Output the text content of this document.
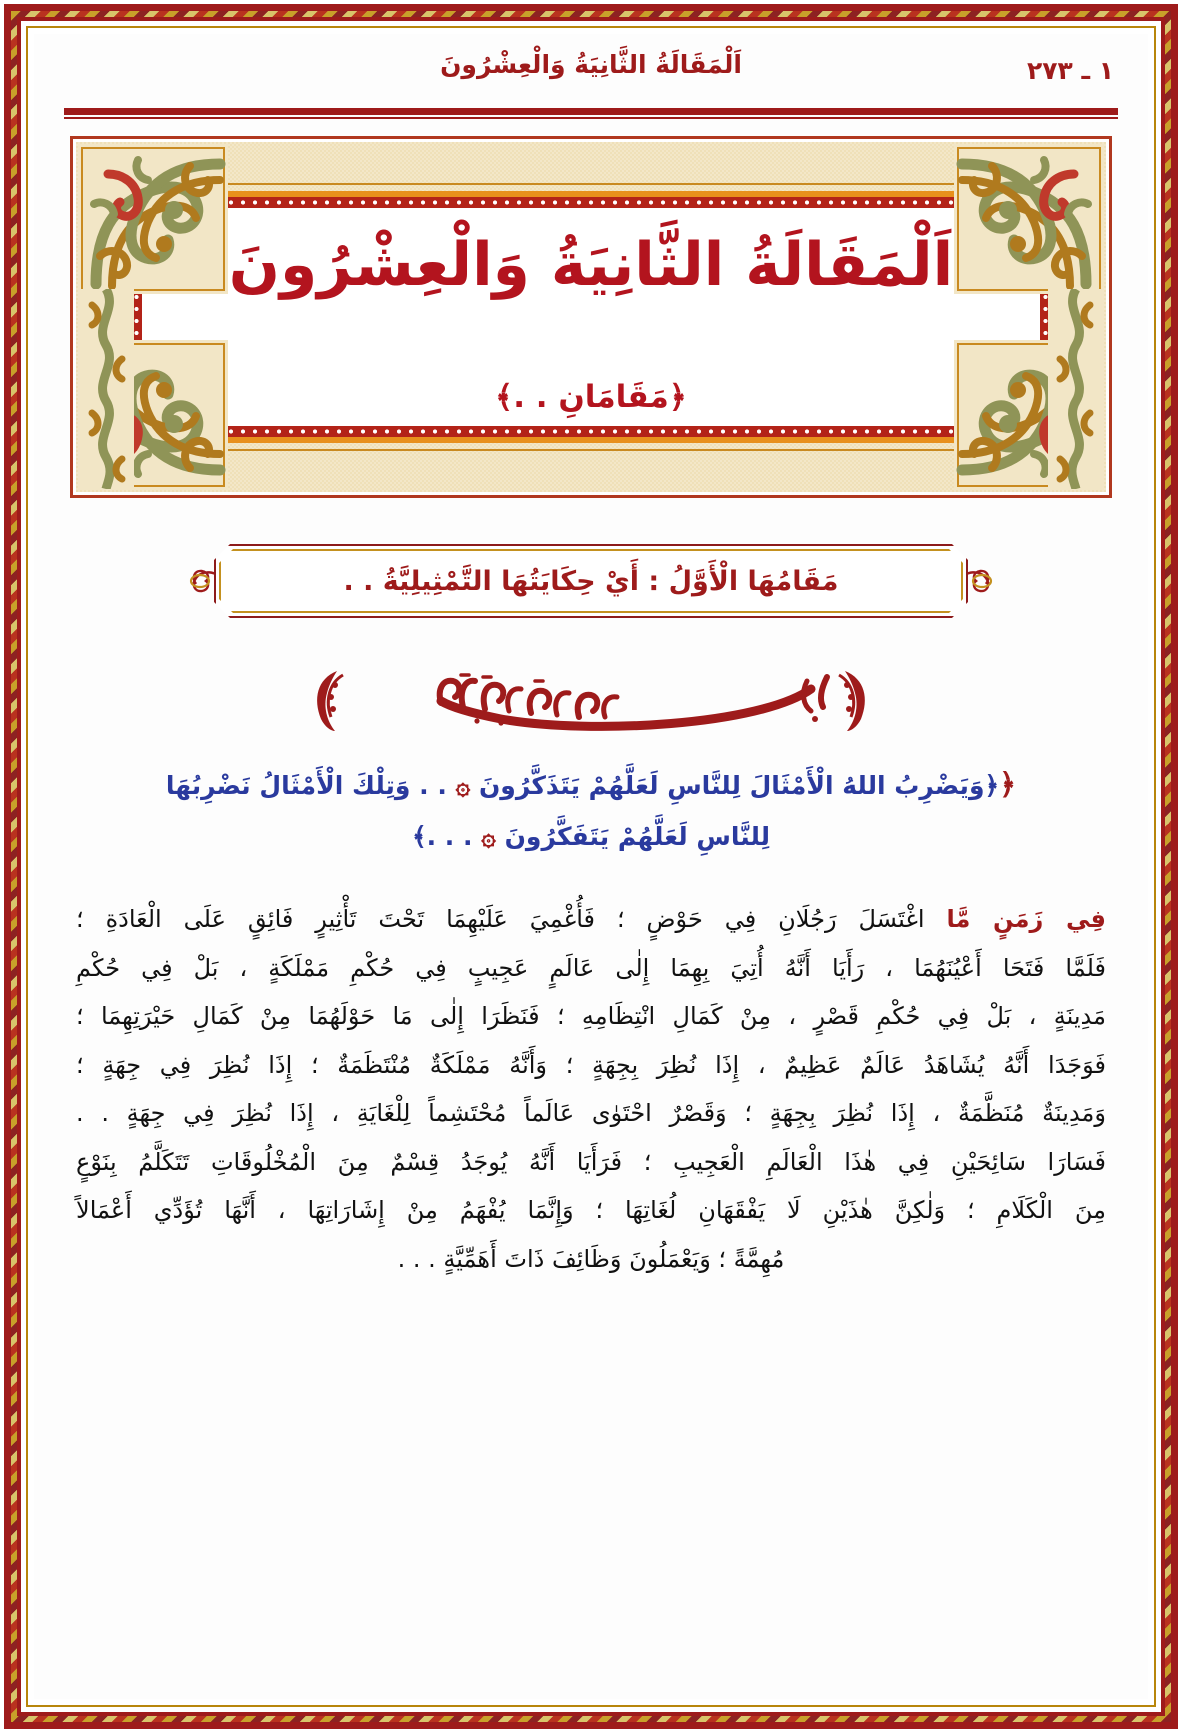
١ ـ ٢٧٣
اَلْمَقَالَةُ الثَّانِيَةُ وَالْعِشْرُونَ
اَلْمَقَالَةُ الثَّانِيَةُ وَالْعِشْرُونَ
﴿مَقَامَانِ . .﴾
مَقَامُهَا الْأَوَّلُ : أَيْ حِكَايَتُهَا التَّمْثِيلِيَّةُ . .
﴿﴿وَيَضْرِبُ اللهُ الْأَمْثَالَ لِلنَّاسِ لَعَلَّهُمْ يَتَذَكَّرُونَ ۞ . . وَتِلْكَ الْأَمْثَالُ نَضْرِبُهَا
لِلنَّاسِ لَعَلَّهُمْ يَتَفَكَّرُونَ ۞ . . .﴾
فِي زَمَنٍ مَّا اغْتَسَلَ رَجُلَانِ فِي حَوْضٍ ؛ فَأُغْمِيَ عَلَيْهِمَا تَحْتَ تَأْثِيرٍ فَائِقٍ عَلَى الْعَادَةِ ؛
فَلَمَّا فَتَحَا أَعْيُنَهُمَا ، رَأَيَا أَنَّهُ أُتِيَ بِهِمَا إِلٰى عَالَمٍ عَجِيبٍ فِي حُكْمِ مَمْلَكَةٍ ، بَلْ فِي حُكْمِ
مَدِينَةٍ ، بَلْ فِي حُكْمِ قَصْرٍ ، مِنْ كَمَالِ انْتِظَامِهِ ؛ فَنَظَرَا إِلٰى مَا حَوْلَهُمَا مِنْ كَمَالِ حَيْرَتِهِمَا ؛
فَوَجَدَا أَنَّهُ يُشَاهَدُ عَالَمٌ عَظِيمٌ ، إِذَا نُظِرَ بِجِهَةٍ ؛ وَأَنَّهُ مَمْلَكَةٌ مُنْتَظَمَةٌ ؛ إِذَا نُظِرَ فِي جِهَةٍ ؛
وَمَدِينَةٌ مُنَظَّمَةٌ ، إِذَا نُظِرَ بِجِهَةٍ ؛ وَقَصْرٌ احْتَوٰى عَالَماً مُحْتَشِماً لِلْغَايَةِ ، إِذَا نُظِرَ فِي جِهَةٍ . .
فَسَارَا سَائِحَيْنِ فِي هٰذَا الْعَالَمِ الْعَجِيبِ ؛ فَرَأَيَا أَنَّهُ يُوجَدُ قِسْمٌ مِنَ الْمُخْلُوقَاتِ تَتَكَلَّمُ بِنَوْعٍ
مِنَ الْكَلَامِ ؛ وَلٰكِنَّ هٰذَيْنِ لَا يَفْقَهَانِ لُغَاتِهَا ؛ وَإِنَّمَا يُفْهَمُ مِنْ إِشَارَاتِهَا ، أَنَّهَا تُؤَدِّي أَعْمَالاً
مُهِمَّةً ؛ وَيَعْمَلُونَ وَظَائِفَ ذَاتَ أَهَمِّيَّةٍ . . .
